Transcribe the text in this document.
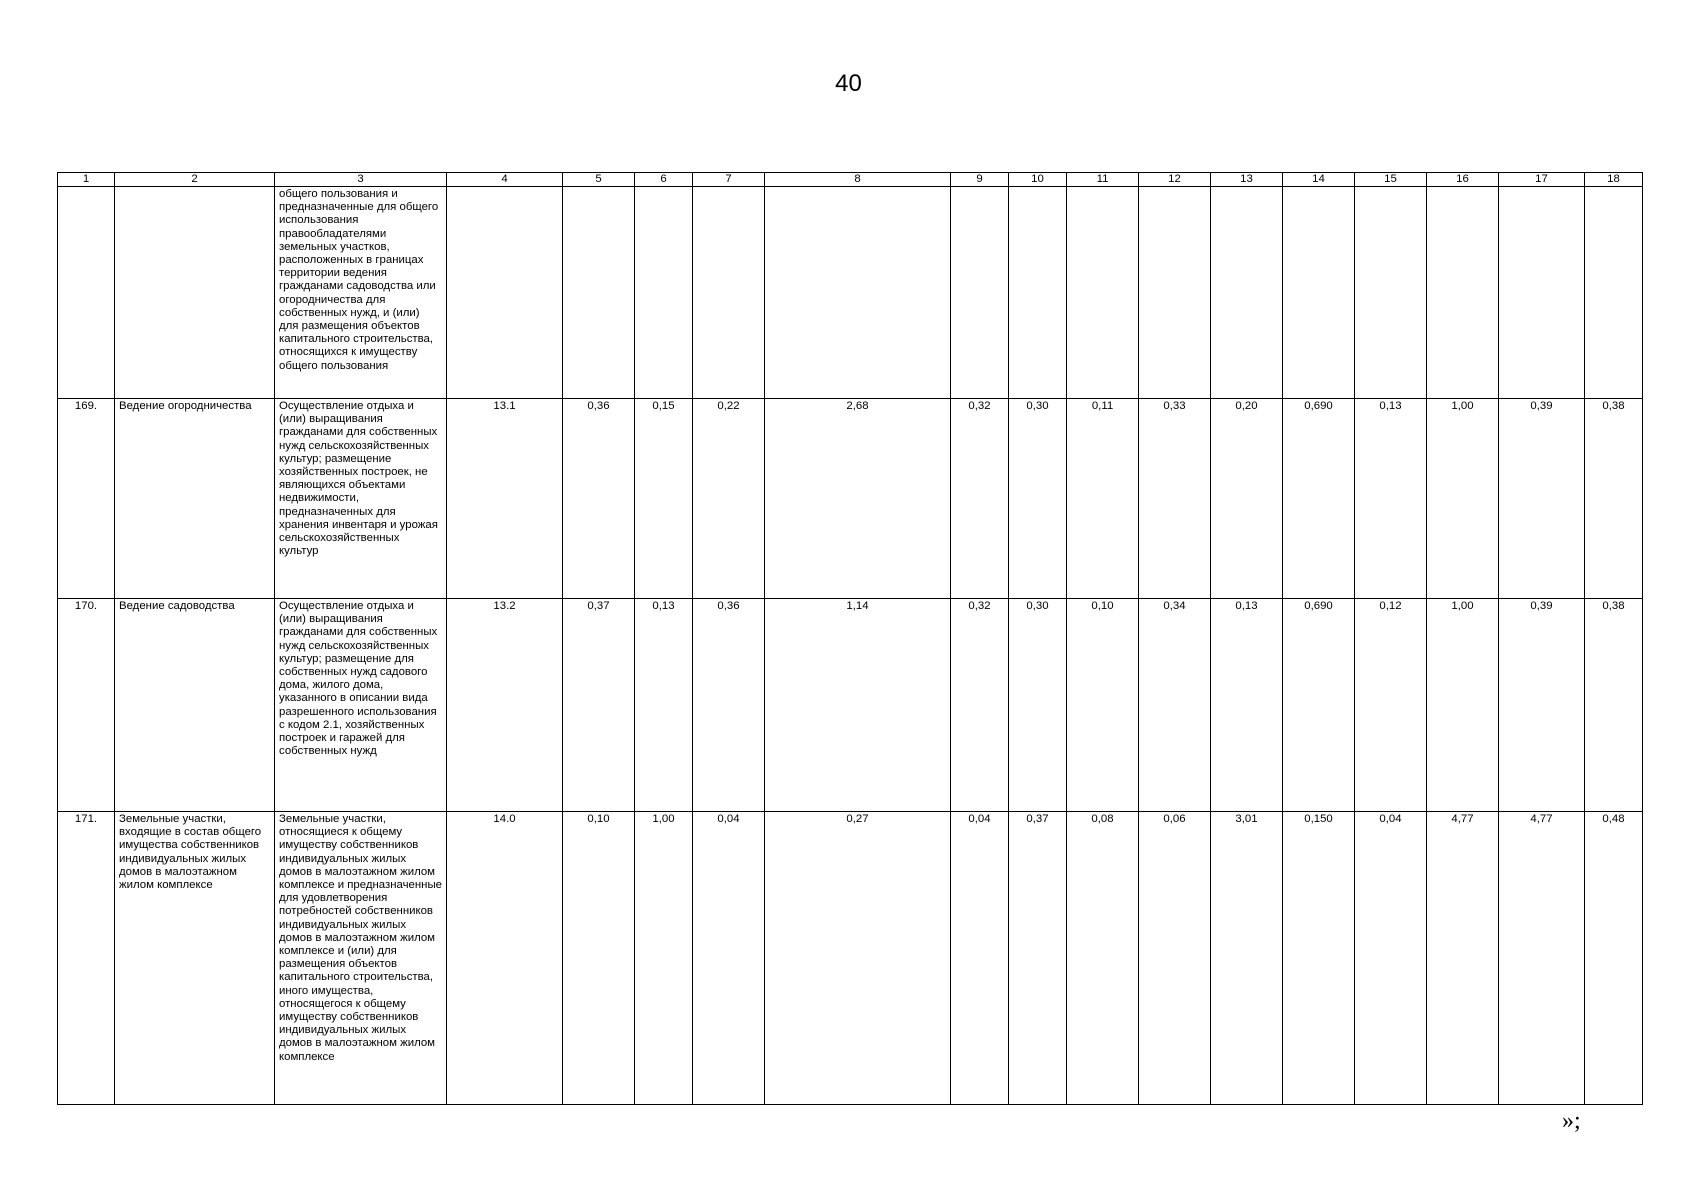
40
1	2	3	4	5	6	7	8	9	10	11	12	13	14	15	16	17	18
		общего пользования и предназначенные для общего использования правообладателями земельных участков, расположенных в границах территории ведения гражданами садоводства или огородничества для собственных нужд, и (или) для размещения объектов капитального строительства, относящихся к имуществу общего пользования															
169.	Ведение огородничества	Осуществление отдыха и (или) выращивания гражданами для собственных нужд сельскохозяйственных культур; размещение хозяйственных построек, не являющихся объектами недвижимости, предназначенных для хранения инвентаря и урожая сельскохозяйственных культур	13.1	0,36	0,15	0,22	2,68	0,32	0,30	0,11	0,33	0,20	0,690	0,13	1,00	0,39	0,38
170.	Ведение садоводства	Осуществление отдыха и (или) выращивания гражданами для собственных нужд сельскохозяйственных культур; размещение для собственных нужд садового дома, жилого дома, указанного в описании вида разрешенного использования с кодом 2.1, хозяйственных построек и гаражей для собственных нужд	13.2	0,37	0,13	0,36	1,14	0,32	0,30	0,10	0,34	0,13	0,690	0,12	1,00	0,39	0,38
171.	Земельные участки, входящие в состав общего имущества собственников индивидуальных жилых домов в малоэтажном жилом комплексе	Земельные участки, относящиеся к общему имуществу собственников индивидуальных жилых домов в малоэтажном жилом комплексе и предназначенные для удовлетворения потребностей собственников индивидуальных жилых домов в малоэтажном жилом комплексе и (или) для размещения объектов капитального строительства, иного имущества, относящегося к общему имуществу собственников индивидуальных жилых домов в малоэтажном жилом комплексе	14.0	0,10	1,00	0,04	0,27	0,04	0,37	0,08	0,06	3,01	0,150	0,04	4,77	4,77	0,48
»;
